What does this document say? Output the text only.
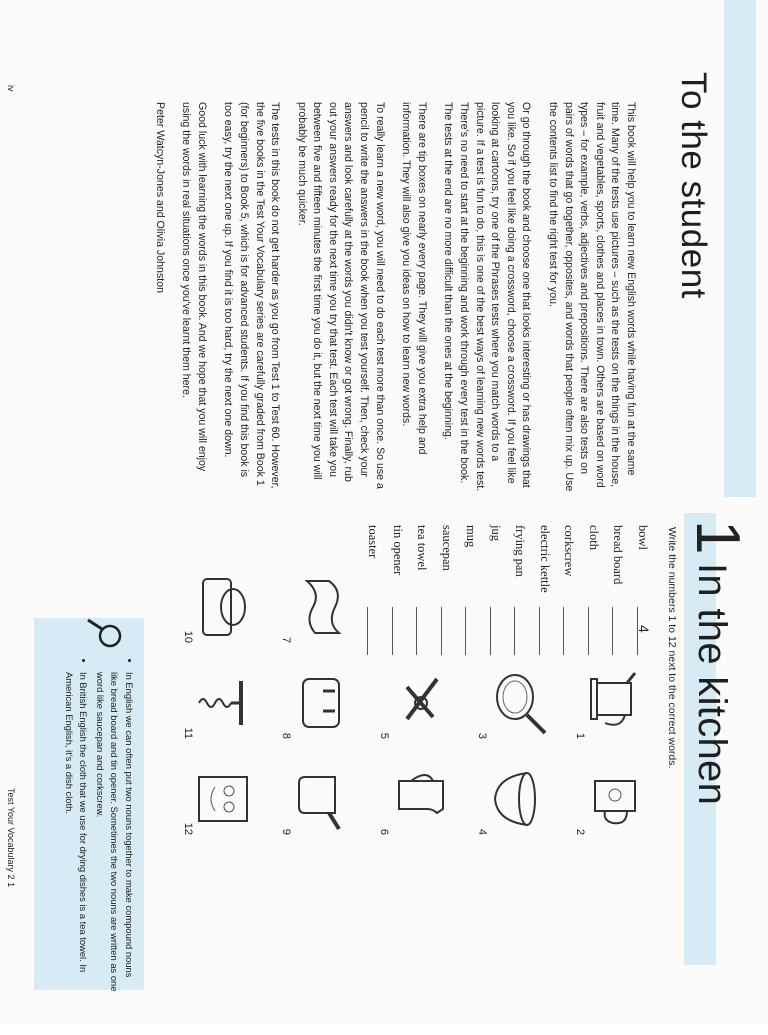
To the student

This book will help you to learn new English words while having fun at the same time. Many of the tests use pictures – such as the tests on the things in the house, fruit and vegetables, sports, clothes and places in town. Others are based on word types – for example, verbs, adjectives and prepositions. There are also tests on pairs of words that go together, opposites, and words that people often mix up. Use the contents list to find the right test for you.

Or go through the book and choose one that looks interesting or has drawings that you like. So if you feel like doing a crossword, choose a crossword. If you feel like looking at cartoons, try one of the Phrases tests where you match words to a picture. If a test is fun to do, this is one of the best ways of learning new words test. There's no need to start at the beginning and work through every test in the book. The tests at the end are no more difficult than the ones at the beginning.

There are tip boxes on nearly every page. They will give you extra help and information. They will also give you ideas on how to learn new words.

To really learn a new word, you will need to do each test more than once. So use a pencil to write the answers in the book when you test yourself. Then, check your answers and look carefully at the words you didn't know or got wrong. Finally, rub out your answers ready for the next time you try that test. Each test will take you between five and fifteen minutes the first time you do it, but the next time you will probably be much quicker.

The tests in this book do not get harder as you go from Test 1 to Test 60. However, the five books in the Test Your Vocabulary series are carefully graded from Book 1 (for beginners) to Book 5, which is for advanced students. If you find this book is too easy, try the next one up. If you find it is too hard, try the next one down.

Good luck with learning the words in this book. And we hope that you will enjoy using the words in real situations once you've learnt them here.

Peter Watcyn-Jones and Olivia Johnston

iv
1
In the kitchen
Write the numbers 1 to 12 next to the correct words.
bowl
4
bread board
cloth
corkscrew
electric kettle
frying pan
jug
mug
saucepan
tea towel
tin opener
toaster
1
2
3
4
5
6
7
8
9
10
11
12
• In English we can often put two nouns together to make compound nouns like bread board and tin opener. Sometimes the two nouns are written as one word like saucepan and corkscrew.
• In British English the cloth that we use for drying dishes is a tea towel. In American English, it's a dish cloth.
Test Your Vocabulary 2 1
